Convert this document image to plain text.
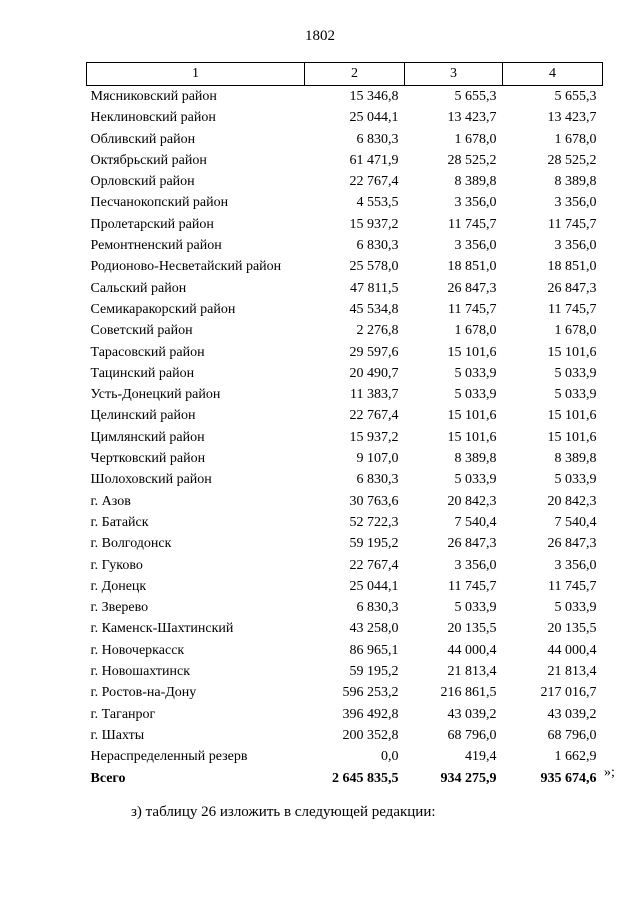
1802
1	2	3	4
Мясниковский район	15 346,8	5 655,3	5 655,3
Неклиновский район	25 044,1	13 423,7	13 423,7
Обливский район	6 830,3	1 678,0	1 678,0
Октябрьский район	61 471,9	28 525,2	28 525,2
Орловский район	22 767,4	8 389,8	8 389,8
Песчанокопский район	4 553,5	3 356,0	3 356,0
Пролетарский район	15 937,2	11 745,7	11 745,7
Ремонтненский район	6 830,3	3 356,0	3 356,0
Родионово-Несветайский район	25 578,0	18 851,0	18 851,0
Сальский район	47 811,5	26 847,3	26 847,3
Семикаракорский район	45 534,8	11 745,7	11 745,7
Советский район	2 276,8	1 678,0	1 678,0
Тарасовский район	29 597,6	15 101,6	15 101,6
Тацинский район	20 490,7	5 033,9	5 033,9
Усть-Донецкий район	11 383,7	5 033,9	5 033,9
Целинский район	22 767,4	15 101,6	15 101,6
Цимлянский район	15 937,2	15 101,6	15 101,6
Чертковский район	9 107,0	8 389,8	8 389,8
Шолоховский район	6 830,3	5 033,9	5 033,9
г. Азов	30 763,6	20 842,3	20 842,3
г. Батайск	52 722,3	7 540,4	7 540,4
г. Волгодонск	59 195,2	26 847,3	26 847,3
г. Гуково	22 767,4	3 356,0	3 356,0
г. Донецк	25 044,1	11 745,7	11 745,7
г. Зверево	6 830,3	5 033,9	5 033,9
г. Каменск-Шахтинский	43 258,0	20 135,5	20 135,5
г. Новочеркасск	86 965,1	44 000,4	44 000,4
г. Новошахтинск	59 195,2	21 813,4	21 813,4
г. Ростов-на-Дону	596 253,2	216 861,5	217 016,7
г. Таганрог	396 492,8	43 039,2	43 039,2
г. Шахты	200 352,8	68 796,0	68 796,0
Нераспределенный резерв	0,0	419,4	1 662,9
Всего	2 645 835,5	934 275,9	935 674,6 »;
з) таблицу 26 изложить в следующей редакции:
